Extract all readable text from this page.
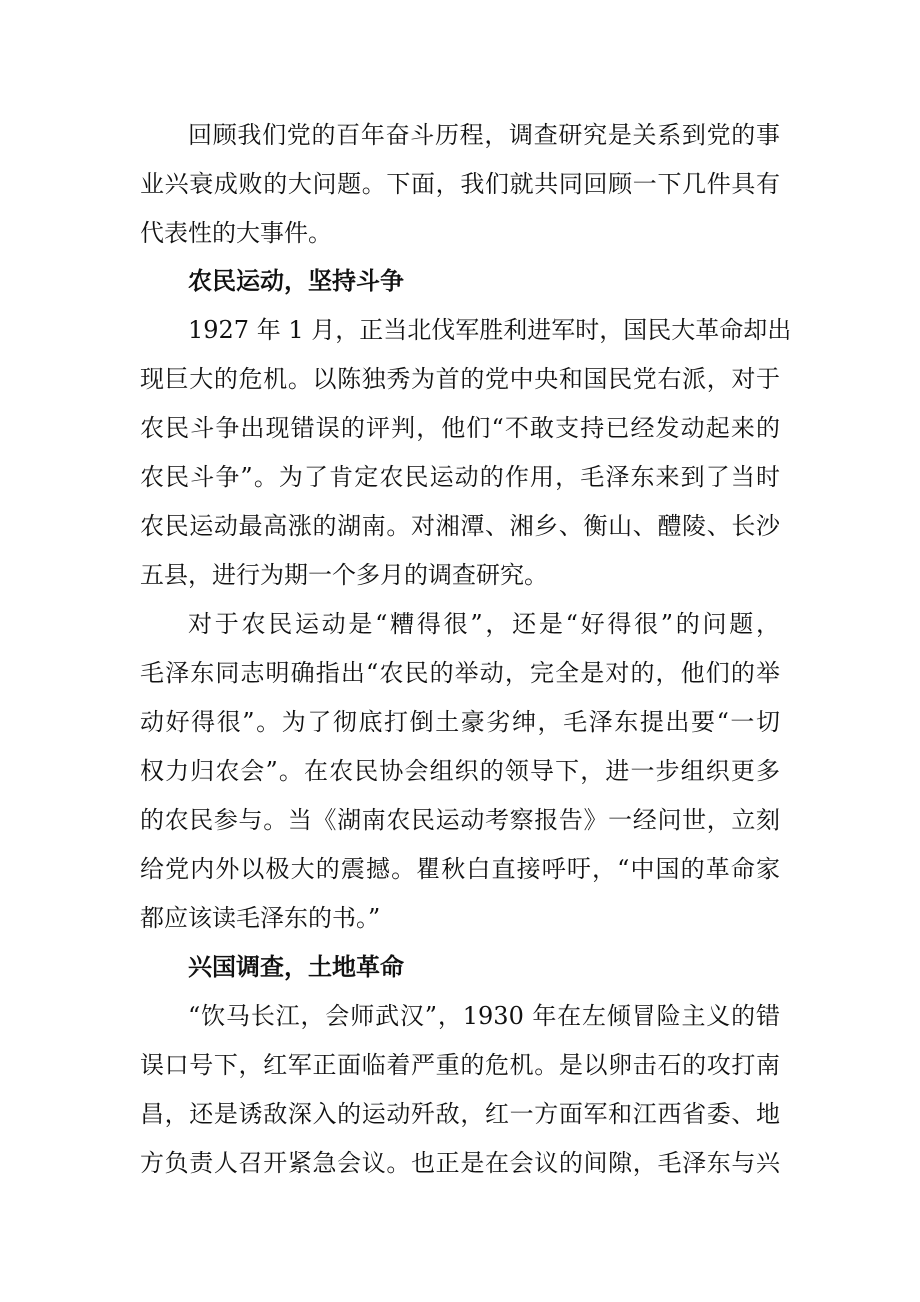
回顾我们党的百年奋斗历程，调查研究是关系到党的事
业兴衰成败的大问题。下面，我们就共同回顾一下几件具有
代表性的大事件。
农民运动，坚持斗争
1927 年 1 月，正当北伐军胜利进军时，国民大革命却出
现巨大的危机。以陈独秀为首的党中央和国民党右派，对于
农民斗争出现错误的评判，他们“不敢支持已经发动起来的
农民斗争”。为了肯定农民运动的作用，毛泽东来到了当时
农民运动最高涨的湖南。对湘潭、湘乡、衡山、醴陵、长沙
五县，进行为期一个多月的调查研究。
对于农民运动是“糟得很”，还是“好得很”的问题，
毛泽东同志明确指出“农民的举动，完全是对的，他们的举
动好得很”。为了彻底打倒土豪劣绅，毛泽东提出要“一切
权力归农会”。在农民协会组织的领导下，进一步组织更多
的农民参与。当《湖南农民运动考察报告》一经问世，立刻
给党内外以极大的震撼。瞿秋白直接呼吁，“中国的革命家
都应该读毛泽东的书。”
兴国调查，土地革命
“饮马长江，会师武汉”，1930 年在左倾冒险主义的错
误口号下，红军正面临着严重的危机。是以卵击石的攻打南
昌，还是诱敌深入的运动歼敌，红一方面军和江西省委、地
方负责人召开紧急会议。也正是在会议的间隙，毛泽东与兴
